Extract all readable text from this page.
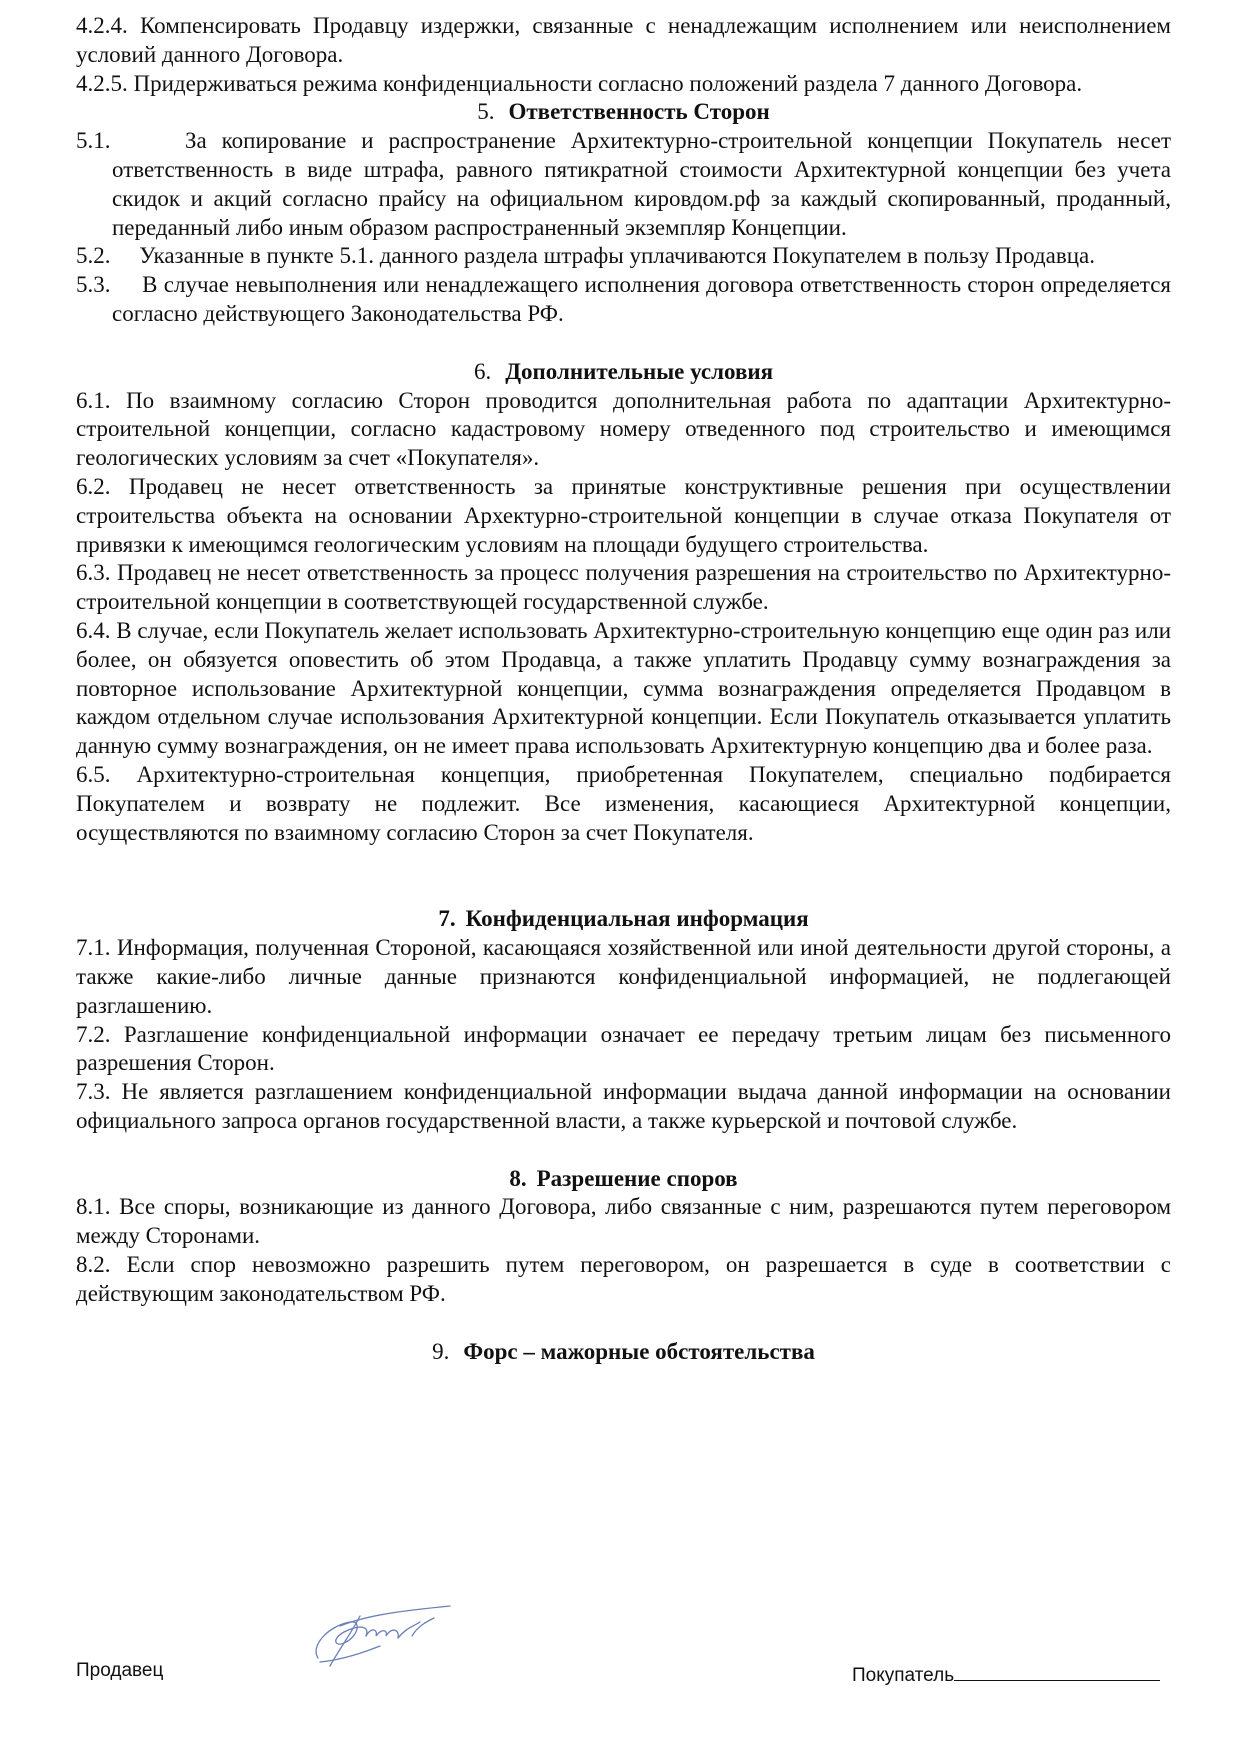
4.2.4. Компенсировать Продавцу издержки, связанные с ненадлежащим исполнением или неисполнением условий данного Договора.

4.2.5. Придерживаться режима конфиденциальности согласно положений раздела 7 данного Договора.

5. Ответственность Сторон

5.1.	За копирование и распространение Архитектурно-строительной концепции Покупатель несет ответственность в виде штрафа, равного пятикратной стоимости Архитектурной концепции без учета скидок и акций согласно прайсу на официальном кировдом.рф за каждый скопированный, проданный, переданный либо иным образом распространенный экземпляр Концепции.

5.2. Указанные в пункте 5.1. данного раздела штрафы уплачиваются Покупателем в пользу Продавца.

5.3. В случае невыполнения или ненадлежащего исполнения договора ответственность сторон определяется согласно действующего Законодательства РФ.

6. Дополнительные условия

6.1. По взаимному согласию Сторон проводится дополнительная работа по адаптации Архитектурно-строительной концепции, согласно кадастровому номеру отведенного под строительство и имеющимся геологических условиям за счет «Покупателя».

6.2. Продавец не несет ответственность за принятые конструктивные решения при осуществлении строительства объекта на основании Архектурно-строительной концепции в случае отказа Покупателя от привязки к имеющимся геологическим условиям на площади будущего строительства.

6.3. Продавец не несет ответственность за процесс получения разрешения на строительство по Архитектурно-строительной концепции в соответствующей государственной службе.

6.4. В случае, если Покупатель желает использовать Архитектурно-строительную концепцию еще один раз или более, он обязуется оповестить об этом Продавца, а также уплатить Продавцу сумму вознаграждения за повторное использование Архитектурной концепции, сумма вознаграждения определяется Продавцом в каждом отдельном случае использования Архитектурной концепции. Если Покупатель отказывается уплатить данную сумму вознаграждения, он не имеет права использовать Архитектурную концепцию два и более раза.

6.5. Архитектурно-строительная концепция, приобретенная Покупателем, специально подбирается Покупателем и возврату не подлежит. Все изменения, касающиеся Архитектурной концепции, осуществляются по взаимному согласию Сторон за счет Покупателя.

7. Конфиденциальная информация

7.1. Информация, полученная Стороной, касающаяся хозяйственной или иной деятельности другой стороны, а также какие-либо личные данные признаются конфиденциальной информацией, не подлегающей разглашению.

7.2. Разглашение конфиденциальной информации означает ее передачу третьим лицам без письменного разрешения Сторон.

7.3. Не является разглашением конфиденциальной информации выдача данной информации на основании официального запроса органов государственной власти, а также курьерской и почтовой службе.

8. Разрешение споров

8.1. Все споры, возникающие из данного Договора, либо связанные с ним, разрешаются путем переговором между Сторонами.

8.2. Если спор невозможно разрешить путем переговором, он разрешается в суде в соответствии с действующим законодательством РФ.

9. Форс – мажорные обстоятельства

Продавец	Покупатель
